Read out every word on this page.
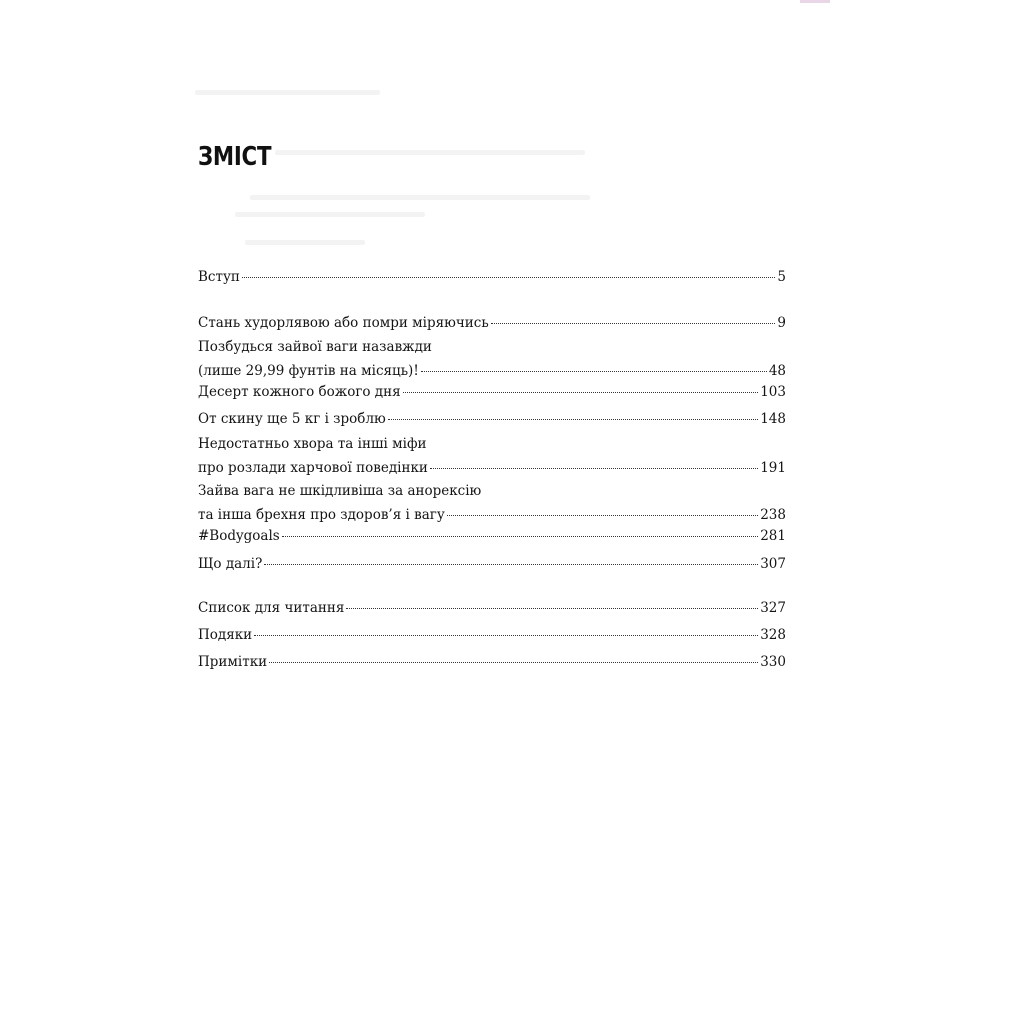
ЗМІСТ
Вступ	5
Стань худорлявою або помри міряючись	9
Позбудься зайвої ваги назавжди
(лише 29,99 фунтів на місяць)!	48
Десерт кожного божого дня	103
От скину ще 5 кг і зроблю	148
Недостатньо хвора та інші міфи
про розлади харчової поведінки	191
Зайва вага не шкідливіша за анорексію
та інша брехня про здоров’я і вагу	238
#Bodygoals	281
Що далі?	307
Список для читання	327
Подяки	328
Примітки	330
